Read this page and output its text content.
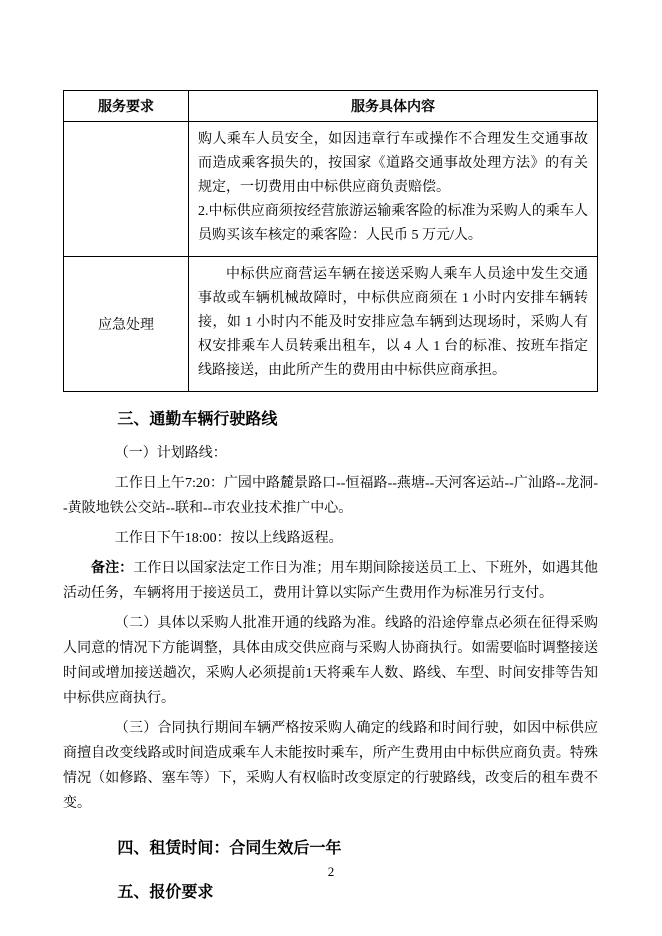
服务要求	服务具体内容

	购人乘车人员安全，如因违章行车或操作不合理发生交通事故而造成乘客损失的，按国家《道路交通事故处理方法》的有关规定，一切费用由中标供应商负责赔偿。

2.中标供应商须按经营旅游运输乘客险的标准为采购人的乘车人员购买该车核定的乘客险：人民币 5 万元/人。

应急处理	中标供应商营运车辆在接送采购人乘车人员途中发生交通事故或车辆机械故障时，中标供应商须在 1 小时内安排车辆转接，如 1 小时内不能及时安排应急车辆到达现场时，采购人有权安排乘车人员转乘出租车，以 4 人 1 台的标准、按班车指定线路接送，由此所产生的费用由中标供应商承担。

三、通勤车辆行驶路线

（一）计划路线：

工作日上午7:20：广园中路麓景路口--恒福路--燕塘--天河客运站--广汕路--龙洞--黄陂地铁公交站--联和--市农业技术推广中心。

工作日下午18:00：按以上线路返程。

备注：工作日以国家法定工作日为准；用车期间除接送员工上、下班外，如遇其他活动任务，车辆将用于接送员工，费用计算以实际产生费用作为标准另行支付。

（二）具体以采购人批准开通的线路为准。线路的沿途停靠点必须在征得采购人同意的情况下方能调整，具体由成交供应商与采购人协商执行。如需要临时调整接送时间或增加接送趟次，采购人必须提前1天将乘车人数、路线、车型、时间安排等告知中标供应商执行。

（三）合同执行期间车辆严格按采购人确定的线路和时间行驶，如因中标供应商擅自改变线路或时间造成乘车人未能按时乘车，所产生费用由中标供应商负责。特殊情况（如修路、塞车等）下，采购人有权临时改变原定的行驶路线，改变后的租车费不变。

四、租赁时间：合同生效后一年
五、报价要求
2
